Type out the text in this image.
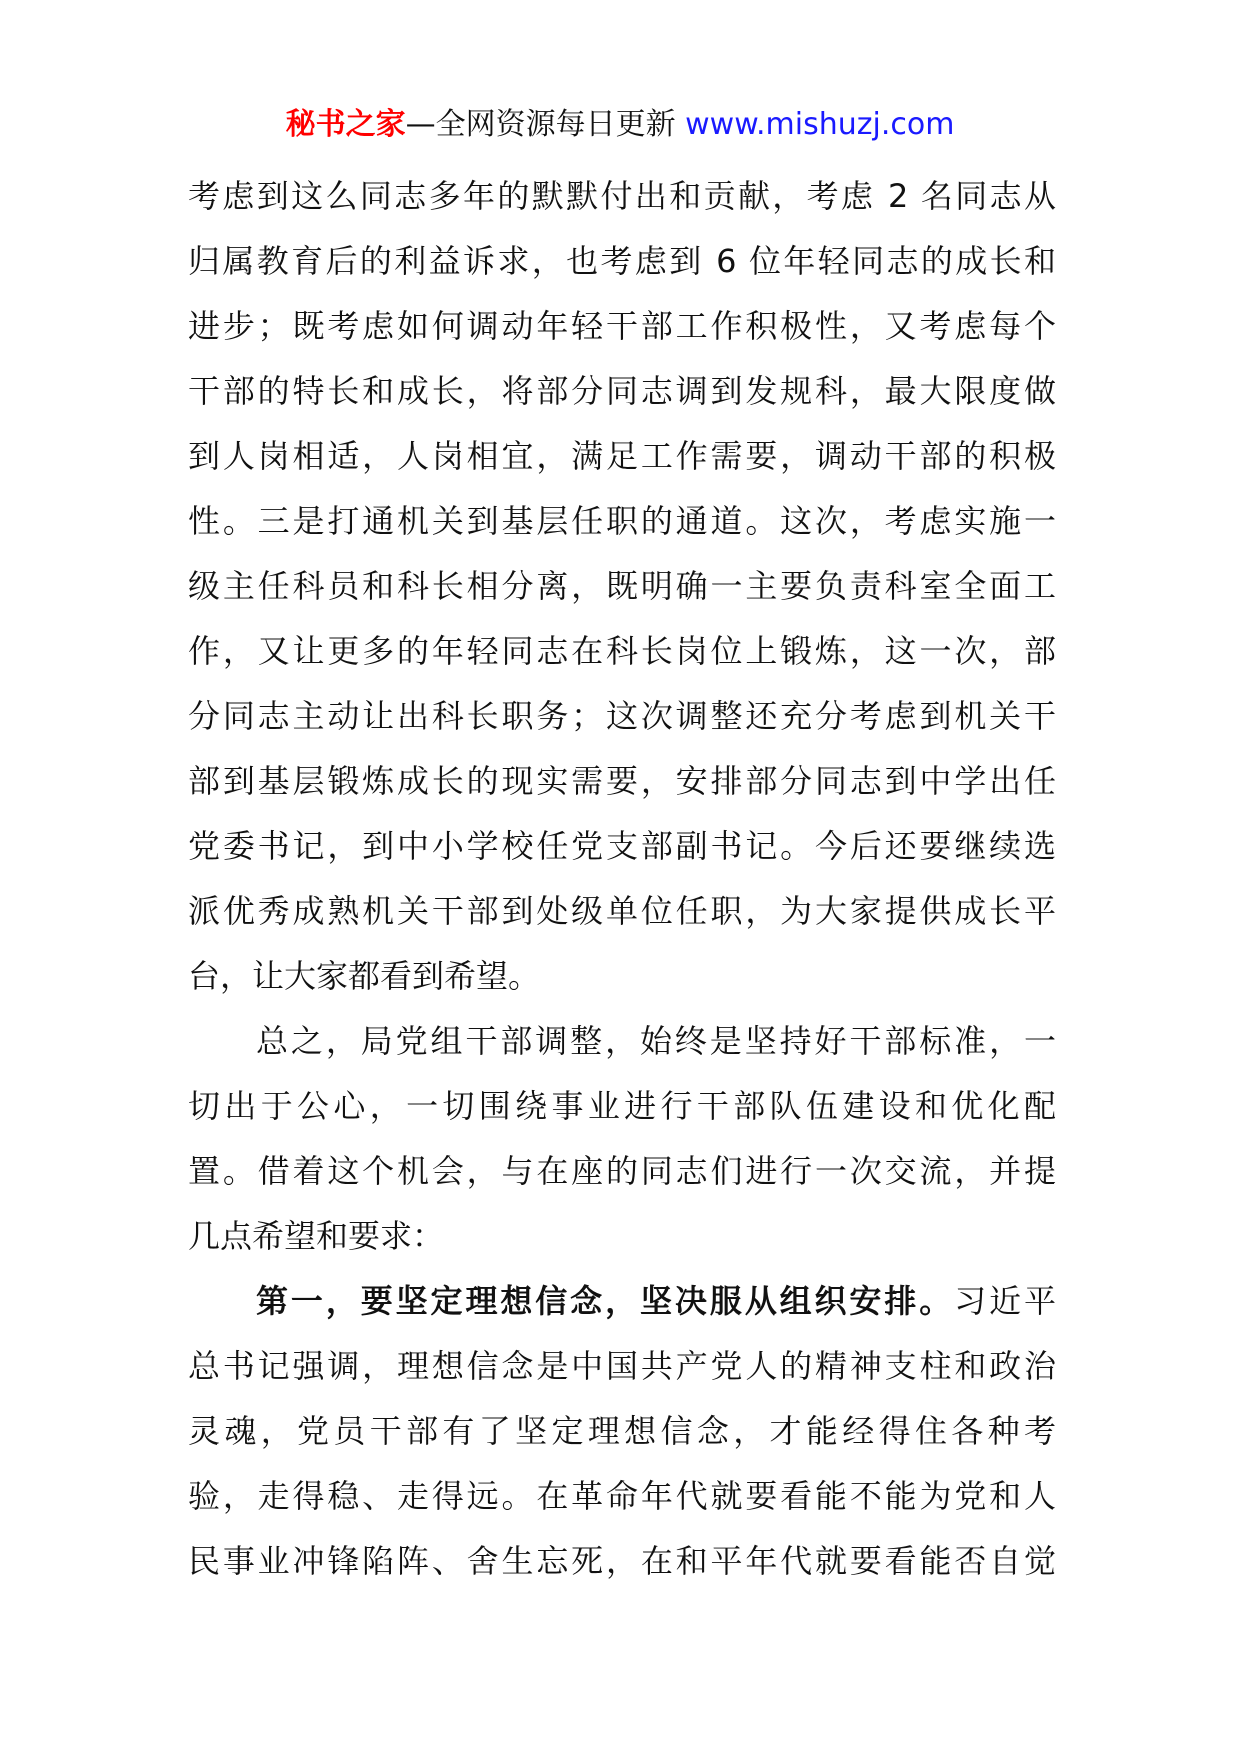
秘书之家—全网资源每日更新 www.mishuzj.com
考虑到这么同志多年的默默付出和贡献，考虑 2 名同志从
归属教育后的利益诉求，也考虑到 6 位年轻同志的成长和
进步；既考虑如何调动年轻干部工作积极性，又考虑每个
干部的特长和成长，将部分同志调到发规科，最大限度做
到人岗相适，人岗相宜，满足工作需要，调动干部的积极
性。三是打通机关到基层任职的通道。这次，考虑实施一
级主任科员和科长相分离，既明确一主要负责科室全面工
作，又让更多的年轻同志在科长岗位上锻炼，这一次，部
分同志主动让出科长职务；这次调整还充分考虑到机关干
部到基层锻炼成长的现实需要，安排部分同志到中学出任
党委书记，到中小学校任党支部副书记。今后还要继续选
派优秀成熟机关干部到处级单位任职，为大家提供成长平
台，让大家都看到希望。
总之，局党组干部调整，始终是坚持好干部标准，一
切出于公心，一切围绕事业进行干部队伍建设和优化配
置。借着这个机会，与在座的同志们进行一次交流，并提
几点希望和要求：
第一，要坚定理想信念，坚决服从组织安排。习近平
总书记强调，理想信念是中国共产党人的精神支柱和政治
灵魂，党员干部有了坚定理想信念，才能经得住各种考
验，走得稳、走得远。在革命年代就要看能不能为党和人
民事业冲锋陷阵、舍生忘死，在和平年代就要看能否自觉
